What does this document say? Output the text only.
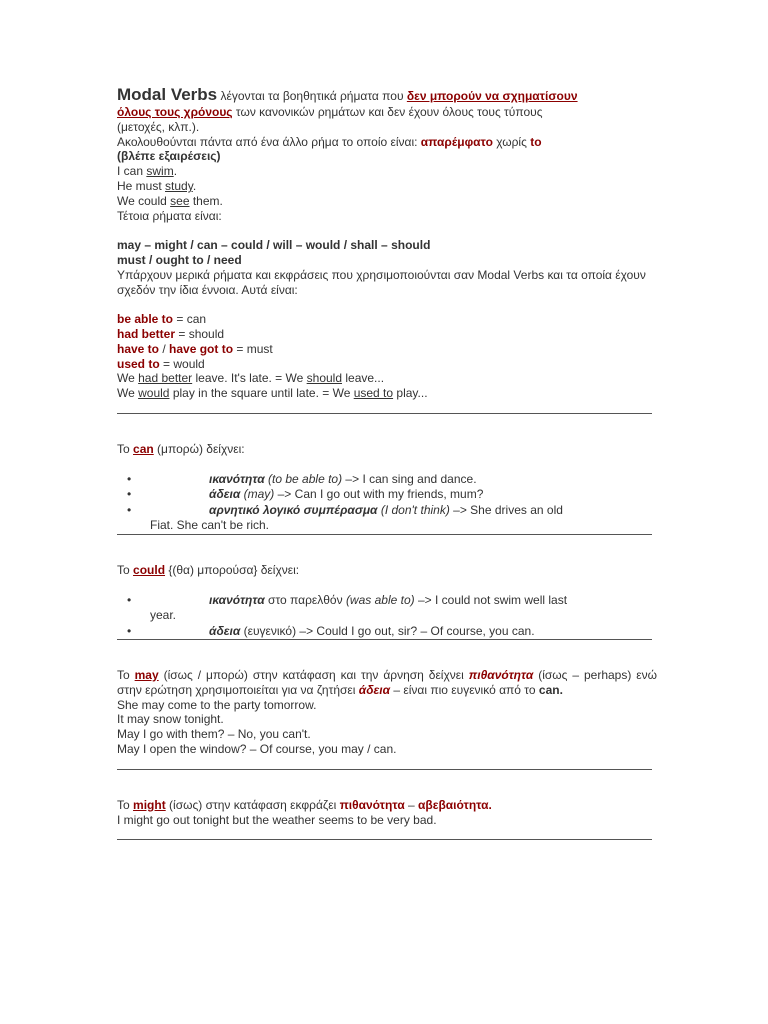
Modal Verbs λέγονται τα βοηθητικά ρήματα που δεν μπορούν να σχηματίσουν
όλους τους χρόνους των κανονικών ρημάτων και δεν έχουν όλους τους τύπους
(μετοχές, κλπ.).
Ακολουθούνται πάντα από ένα άλλο ρήμα το οποίο είναι: απαρέμφατο χωρίς to
(βλέπε εξαιρέσεις)
I can swim.
He must study.
We could see them.
Τέτοια ρήματα είναι:
may – might / can – could / will – would / shall – should
must / ought to / need
Υπάρχουν μερικά ρήματα και εκφράσεις που χρησιμοποιούνται σαν Modal Verbs και τα οποία έχουν σχεδόν την ίδια έννοια. Αυτά είναι:
be able to = can
had better = should
have to / have got to = must
used to = would
We had better leave. It's late. = We should leave...
We would play in the square until late. = We used to play...
Το can (μπορώ) δείχνει:
•	ικανότητα (to be able to) –> I can sing and dance.
•	άδεια (may) –> Can I go out with my friends, mum?
•	αρνητικό λογικό συμπέρασμα (I don't think) –> She drives an old
Fiat. She can't be rich.
Το could {(θα) μπορούσα} δείχνει:
•	ικανότητα στο παρελθόν (was able to) –> I could not swim well last
year.
•	άδεια (ευγενικό) –> Could I go out, sir? – Of course, you can.
Το may (ίσως / μπορώ) στην κατάφαση και την άρνηση δείχνει πιθανότητα (ίσως – perhaps) ενώ στην ερώτηση χρησιμοποιείται για να ζητήσει άδεια – είναι πιο ευγενικό από το can.
She may come to the party tomorrow.
It may snow tonight.
May I go with them? – No, you can't.
May I open the window? – Of course, you may / can.
Το might (ίσως) στην κατάφαση εκφράζει πιθανότητα – αβεβαιότητα.
I might go out tonight but the weather seems to be very bad.
